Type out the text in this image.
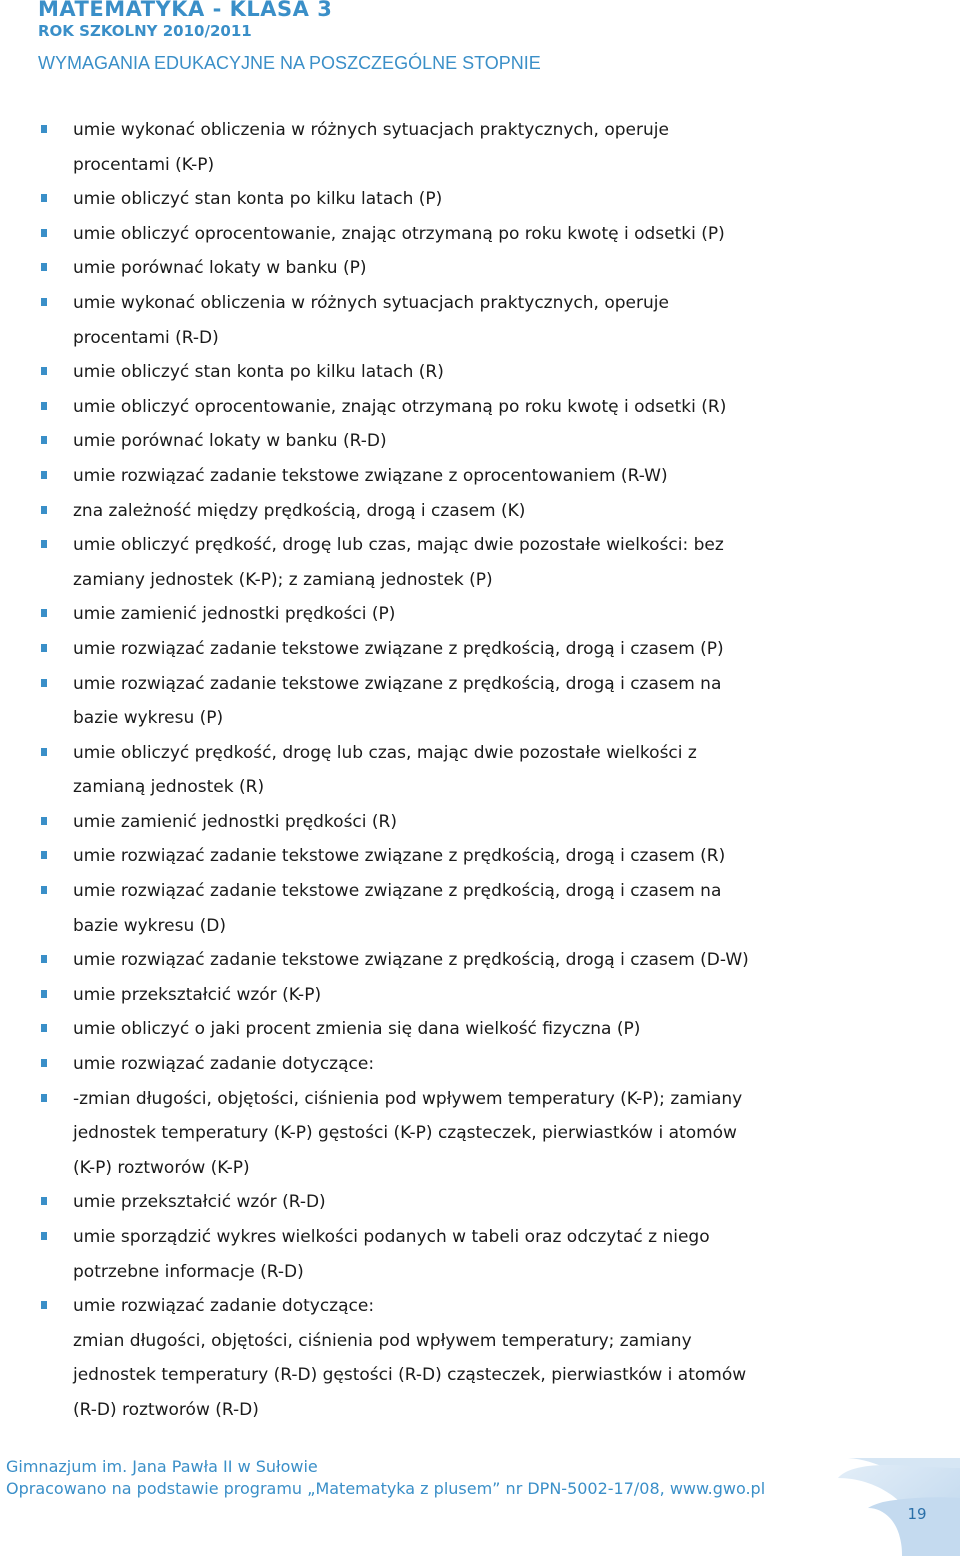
MATEMATYKA - KLASA 3
ROK SZKOLNY 2010/2011
WYMAGANIA EDUKACYJNE NA POSZCZEGÓLNE STOPNIE
umie wykonać obliczenia w różnych sytuacjach praktycznych, operuje
procentami (K-P)
umie obliczyć stan konta po kilku latach (P)
umie obliczyć oprocentowanie, znając otrzymaną po roku kwotę i odsetki (P)
umie porównać lokaty w banku (P)
umie wykonać obliczenia w różnych sytuacjach praktycznych, operuje
procentami (R-D)
umie obliczyć stan konta po kilku latach (R)
umie obliczyć oprocentowanie, znając otrzymaną po roku kwotę i odsetki (R)
umie porównać lokaty w banku (R-D)
umie rozwiązać zadanie tekstowe związane z oprocentowaniem (R-W)
zna zależność między prędkością, drogą i czasem (K)
umie obliczyć prędkość, drogę lub czas, mając dwie pozostałe wielkości: bez
zamiany jednostek (K-P); z zamianą jednostek (P)
umie zamienić jednostki prędkości (P)
umie rozwiązać zadanie tekstowe związane z prędkością, drogą i czasem (P)
umie rozwiązać zadanie tekstowe związane z prędkością, drogą i czasem na
bazie wykresu (P)
umie obliczyć prędkość, drogę lub czas, mając dwie pozostałe wielkości z
zamianą jednostek (R)
umie zamienić jednostki prędkości (R)
umie rozwiązać zadanie tekstowe związane z prędkością, drogą i czasem (R)
umie rozwiązać zadanie tekstowe związane z prędkością, drogą i czasem na
bazie wykresu (D)
umie rozwiązać zadanie tekstowe związane z prędkością, drogą i czasem (D-W)
umie przekształcić wzór (K-P)
umie obliczyć o jaki procent zmienia się dana wielkość fizyczna (P)
umie rozwiązać zadanie dotyczące:
-zmian długości, objętości, ciśnienia pod wpływem temperatury (K-P); zamiany
jednostek temperatury (K-P) gęstości (K-P) cząsteczek, pierwiastków i atomów
(K-P) roztworów (K-P)
umie przekształcić wzór (R-D)
umie sporządzić wykres wielkości podanych w tabeli oraz odczytać z niego
potrzebne informacje (R-D)
umie rozwiązać zadanie dotyczące:
zmian długości, objętości, ciśnienia pod wpływem temperatury; zamiany
jednostek temperatury (R-D) gęstości (R-D) cząsteczek, pierwiastków i atomów
(R-D) roztworów (R-D)
Gimnazjum im. Jana Pawła II w Sułowie
Opracowano na podstawie programu „Matematyka z plusem” nr DPN-5002-17/08, www.gwo.pl
19
